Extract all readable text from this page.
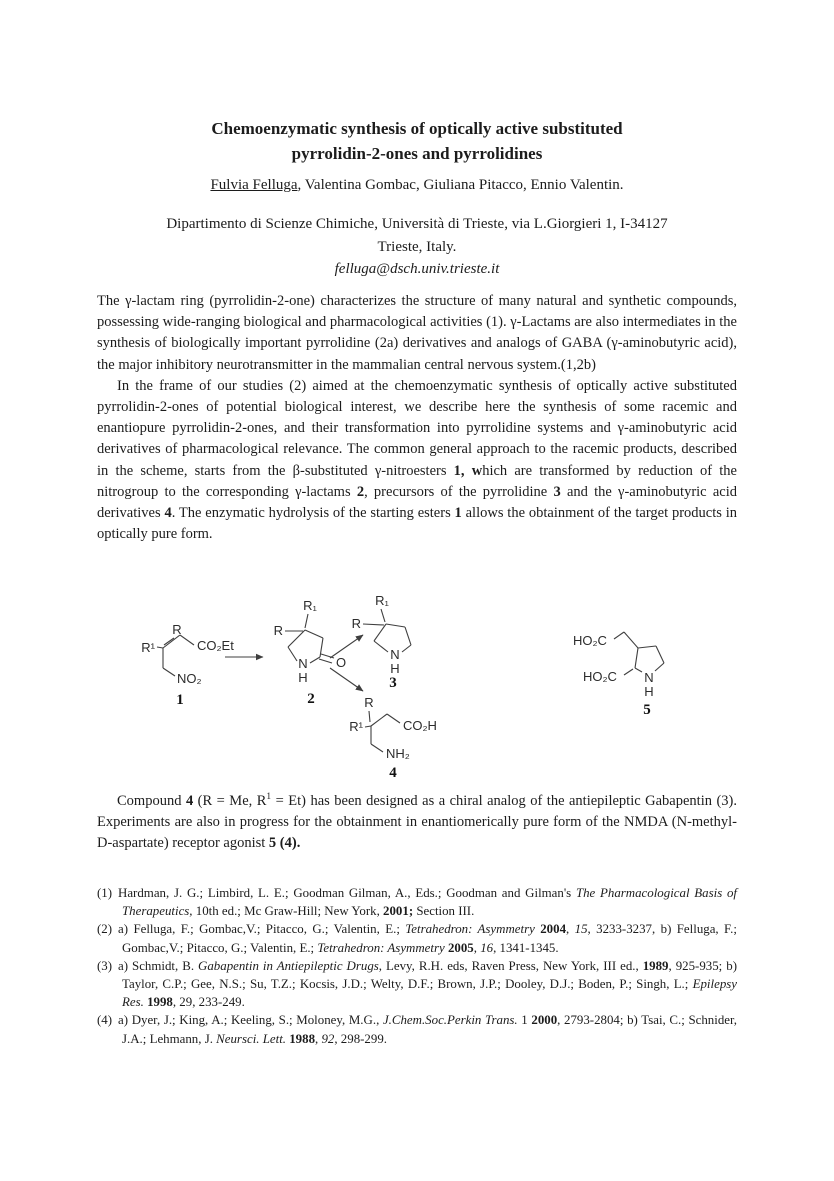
Chemoenzymatic synthesis of optically active substituted
pyrrolidin-2-ones and pyrrolidines
Fulvia Felluga, Valentina Gombac, Giuliana Pitacco, Ennio Valentin.
Dipartimento di Scienze Chimiche, Università di Trieste, via L.Giorgieri 1, I-34127
Trieste, Italy.
felluga@dsch.univ.trieste.it

The γ-lactam ring (pyrrolidin-2-one) characterizes the structure of many natural and synthetic compounds, possessing wide-ranging biological and pharmacological activities (1). γ-Lactams are also intermediates in the synthesis of biologically important pyrrolidine (2a) derivatives and analogs of GABA (γ-aminobutyric acid), the major inhibitory neurotransmitter in the mammalian central nervous system.(1,2b)

In the frame of our studies (2) aimed at the chemoenzymatic synthesis of optically active substituted pyrrolidin-2-ones of potential biological interest, we describe here the synthesis of some racemic and enantiopure pyrrolidin-2-ones, and their transformation into pyrrolidine systems and γ-aminobutyric acid derivatives of pharmacological relevance. The common general approach to the racemic products, described in the scheme, starts from the β-substituted γ-nitroesters 1, which are transformed by reduction of the nitrogroup to the corresponding γ-lactams 2, precursors of the pyrrolidine 3 and the γ-aminobutyric acid derivatives 4. The enzymatic hydrolysis of the starting esters 1 allows the obtainment of the target products in optically pure form.

R
R¹	CO₂Et
NO₂
1
R₁
R
N
H
O
2
R₁
R
N
H
3
R
R¹	CO₂H
NH₂
4
HO₂C
HO₂C N
H
5

Compound 4 (R = Me, $R^1 = Et$) has been designed as a chiral analog of the antiepileptic Gabapentin (3). Experiments are also in progress for the obtainment in enantiomerically pure form of the NMDA (N-methyl-D-aspartate) receptor agonist 5 (4).

(1) Hardman, J. G.; Limbird, L. E.; Goodman Gilman, A., Eds.; Goodman and Gilman's The Pharmacological Basis of Therapeutics, 10th ed.; Mc Graw-Hill; New York, 2001; Section III.

(2) a) Felluga, F.; Gombac,V.; Pitacco, G.; Valentin, E.; Tetrahedron: Asymmetry 2004, 15, 3233-3237, b) Felluga, F.; Gombac,V.; Pitacco, G.; Valentin, E.; Tetrahedron: Asymmetry 2005, 16, 1341-1345.

(3) a) Schmidt, B. Gabapentin in Antiepileptic Drugs, Levy, R.H. eds, Raven Press, New York, III ed., 1989, 925-935; b) Taylor, C.P.; Gee, N.S.; Su, T.Z.; Kocsis, J.D.; Welty, D.F.; Brown, J.P.; Dooley, D.J.; Boden, P.; Singh, L.; Epilepsy Res. 1998, 29, 233-249.

(4) a) Dyer, J.; King, A.; Keeling, S.; Moloney, M.G., J.Chem.Soc.Perkin Trans. 1 2000, 2793-2804; b) Tsai, C.; Schnider, J.A.; Lehmann, J. Neursci. Lett. 1988, 92, 298-299.
